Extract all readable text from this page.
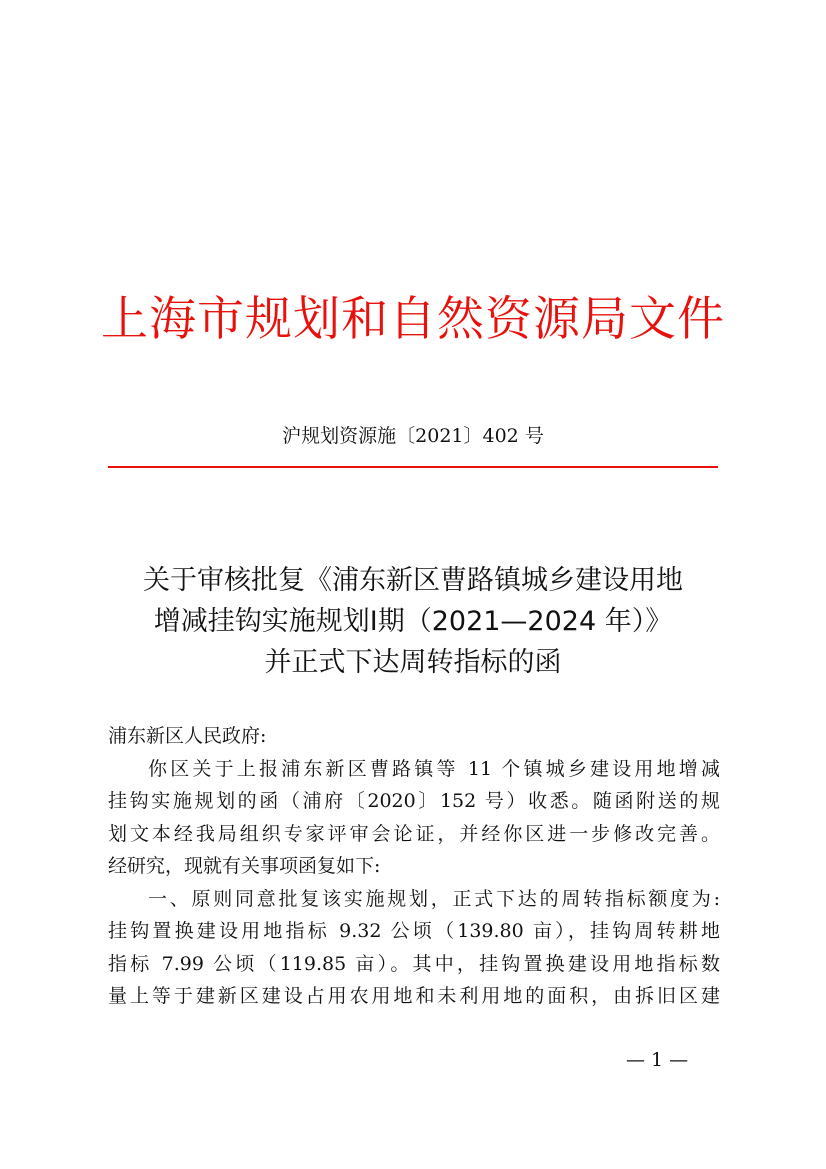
上海市规划和自然资源局文件
沪规划资源施〔2021〕402 号
关于审核批复《浦东新区曹路镇城乡建设用地
增减挂钩实施规划Ⅰ期（2021—2024 年）》
并正式下达周转指标的函
浦东新区人民政府:
你区关于上报浦东新区曹路镇等 11 个镇城乡建设用地增减
挂钩实施规划的函（浦府〔2020〕152 号）收悉。随函附送的规
划文本经我局组织专家评审会论证，并经你区进一步修改完善。
经研究，现就有关事项函复如下:
一、原则同意批复该实施规划，正式下达的周转指标额度为:
挂钩置换建设用地指标 9.32 公顷（139.80 亩），挂钩周转耕地
指标 7.99 公顷（119.85 亩）。其中，挂钩置换建设用地指标数
量上等于建新区建设占用农用地和未利用地的面积，由拆旧区建
— 1 —
